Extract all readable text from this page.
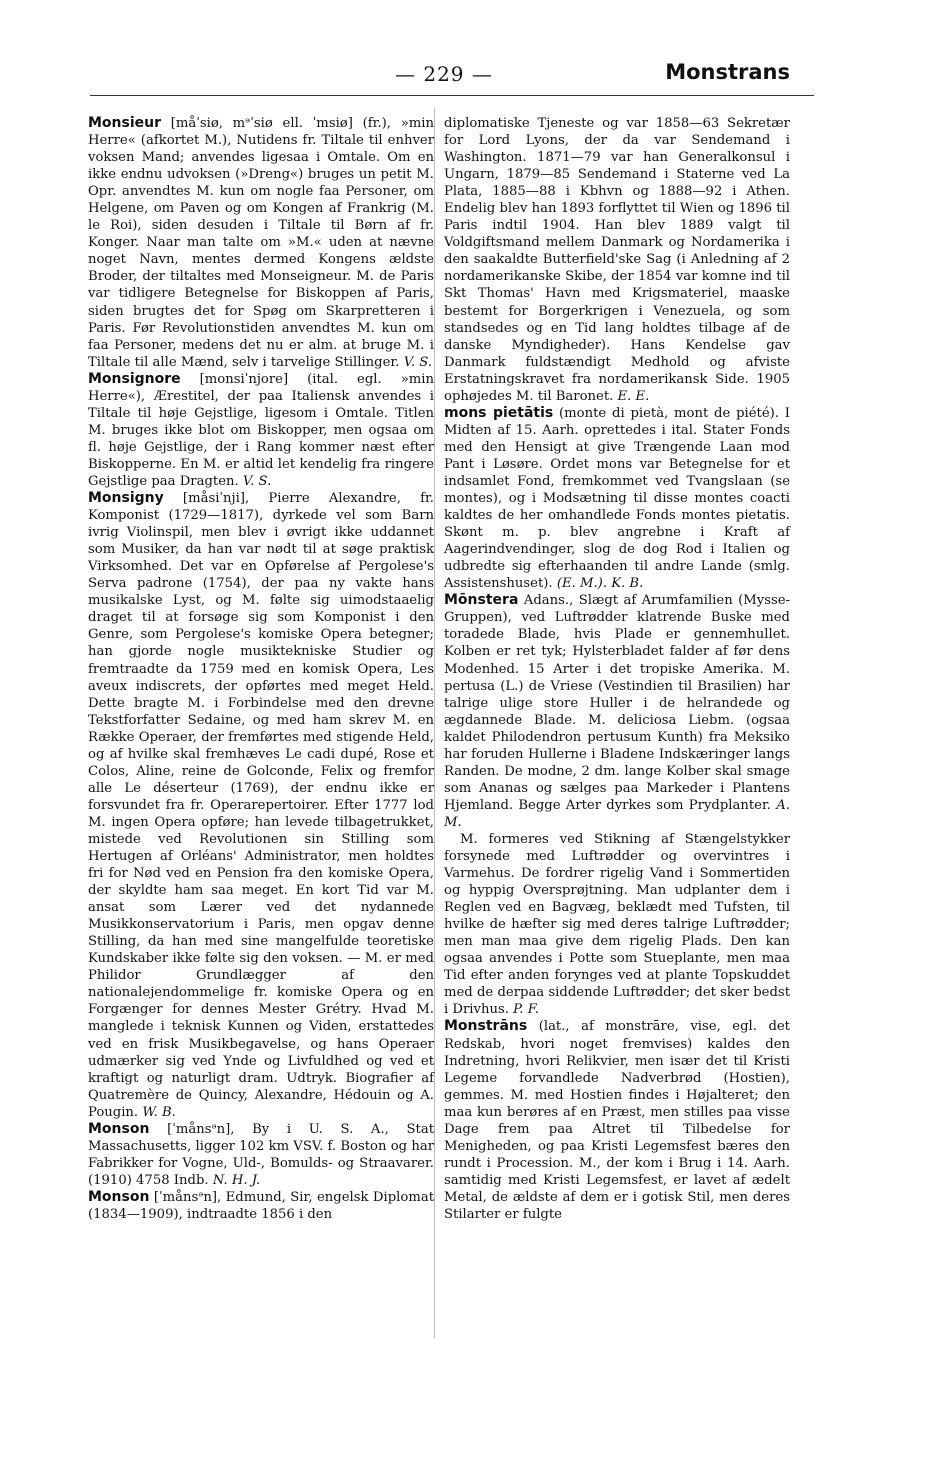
— 229 —	Monstrans

Monsieur [måˈsiø, mᵊˈsiø ell. ˈmsiø] (fr.), »min Herre« (afkortet M.), Nutidens fr. Tiltale til enhver voksen Mand; anvendes ligesaa i Omtale. Om en ikke endnu udvoksen (»Dreng«) bruges un petit M. Opr. anvendtes M. kun om nogle faa Personer, om Helgene, om Paven og om Kongen af Frankrig (M. le Roi), siden desuden i Tiltale til Børn af fr. Konger. Naar man talte om »M.« uden at nævne noget Navn, mentes dermed Kongens ældste Broder, der tiltaltes med Monseigneur. M. de Paris var tidligere Betegnelse for Biskoppen af Paris, siden brugtes det for Spøg om Skarpretteren i Paris. Før Revolutionstiden anvendtes M. kun om faa Personer, medens det nu er alm. at bruge M. i Tiltale til alle Mænd, selv i tarvelige Stillinger. V. S.

Monsignore [monsiˈnjore] (ital. egl. »min Herre«), Ærestitel, der paa Italiensk anvendes i Tiltale til høje Gejstlige, ligesom i Omtale. Titlen M. bruges ikke blot om Biskopper, men ogsaa om fl. høje Gejstlige, der i Rang kommer næst efter Biskopperne. En M. er altid let kendelig fra ringere Gejstlige paa Dragten. V. S.

Monsigny [måsiˈnji], Pierre Alexandre, fr. Komponist (1729—1817), dyrkede vel som Barn ivrig Violinspil, men blev i øvrigt ikke uddannet som Musiker, da han var nødt til at søge praktisk Virksomhed. Det var en Opførelse af Pergolese's Serva padrone (1754), der paa ny vakte hans musikalske Lyst, og M. følte sig uimodstaaelig draget til at forsøge sig som Komponist i den Genre, som Pergolese's komiske Opera betegner; han gjorde nogle musiktekniske Studier og fremtraadte da 1759 med en komisk Opera, Les aveux indiscrets, der opførtes med meget Held. Dette bragte M. i Forbindelse med den drevne Tekstforfatter Sedaine, og med ham skrev M. en Række Operaer, der fremførtes med stigende Held, og af hvilke skal fremhæves Le cadi dupé, Rose et Colos, Aline, reine de Golconde, Felix og fremfor alle Le déserteur (1769), der endnu ikke er forsvundet fra fr. Operarepertoirer. Efter 1777 lod M. ingen Opera opføre; han levede tilbagetrukket, mistede ved Revolutionen sin Stilling som Hertugen af Orléans' Administrator, men holdtes fri for Nød ved en Pension fra den komiske Opera, der skyldte ham saa meget. En kort Tid var M. ansat som Lærer ved det nydannede Musikkonservatorium i Paris, men opgav denne Stilling, da han med sine mangelfulde teoretiske Kundskaber ikke følte sig den voksen. — M. er med Philidor Grundlægger af den nationalejendommelige fr. komiske Opera og en Forgænger for dennes Mester Grétry. Hvad M. manglede i teknisk Kunnen og Viden, erstattedes ved en frisk Musikbegavelse, og hans Operaer udmærker sig ved Ynde og Livfuldhed og ved et kraftigt og naturligt dram. Udtryk. Biografier af Quatremère de Quincy, Alexandre, Hédouin og A. Pougin. W. B.

Monson [ˈmånsᵊn], By i U. S. A., Stat Massachusetts, ligger 102 km VSV. f. Boston og har Fabrikker for Vogne, Uld-, Bomulds- og Straavarer. (1910) 4758 Indb. N. H. J.

Monson [ˈmånsᵊn], Edmund, Sir, engelsk Diplomat (1834—1909), indtraadte 1856 i den

diplomatiske Tjeneste og var 1858—63 Sekretær for Lord Lyons, der da var Sendemand i Washington. 1871—79 var han Generalkonsul i Ungarn, 1879—85 Sendemand i Staterne ved La Plata, 1885—88 i Kbhvn og 1888—92 i Athen. Endelig blev han 1893 forflyttet til Wien og 1896 til Paris indtil 1904. Han blev 1889 valgt til Voldgiftsmand mellem Danmark og Nordamerika i den saakaldte Butterfield'ske Sag (i Anledning af 2 nordamerikanske Skibe, der 1854 var komne ind til Skt Thomas' Havn med Krigsmateriel, maaske bestemt for Borgerkrigen i Venezuela, og som standsedes og en Tid lang holdtes tilbage af de danske Myndigheder). Hans Kendelse gav Danmark fuldstændigt Medhold og afviste Erstatningskravet fra nordamerikansk Side. 1905 ophøjedes M. til Baronet. E. E.

mons pietātis (monte di pietà, mont de piété). I Midten af 15. Aarh. oprettedes i ital. Stater Fonds med den Hensigt at give Trængende Laan mod Pant i Løsøre. Ordet mons var Betegnelse for et indsamlet Fond, fremkommet ved Tvangslaan (se montes), og i Modsætning til disse montes coacti kaldtes de her omhandlede Fonds montes pietatis. Skønt m. p. blev angrebne i Kraft af Aagerindvendinger, slog de dog Rod i Italien og udbredte sig efterhaanden til andre Lande (smlg. Assistenshuset). (E. M.). K. B.

Mōnstera Adans., Slægt af Arumfamilien (Mysse-Gruppen), ved Luftrødder klatrende Buske med toradede Blade, hvis Plade er gennemhullet. Kolben er ret tyk; Hylsterbladet falder af før dens Modenhed. 15 Arter i det tropiske Amerika. M. pertusa (L.) de Vriese (Vestindien til Brasilien) har talrige ulige store Huller i de helrandede og ægdannede Blade. M. deliciosa Liebm. (ogsaa kaldet Philodendron pertusum Kunth) fra Meksiko har foruden Hullerne i Bladene Indskæringer langs Randen. De modne, 2 dm. lange Kolber skal smage som Ananas og sælges paa Markeder i Plantens Hjemland. Begge Arter dyrkes som Prydplanter. A. M.

M. formeres ved Stikning af Stængelstykker forsynede med Luftrødder og overvintres i Varmehus. De fordrer rigelig Vand i Sommertiden og hyppig Oversprøjtning. Man udplanter dem i Reglen ved en Bagvæg, beklædt med Tufsten, til hvilke de hæfter sig med deres talrige Luftrødder; men man maa give dem rigelig Plads. Den kan ogsaa anvendes i Potte som Stueplante, men maa Tid efter anden forynges ved at plante Topskuddet med de derpaa siddende Luftrødder; det sker bedst i Drivhus. P. F.

Monstrāns (lat., af monstrāre, vise, egl. det Redskab, hvori noget fremvises) kaldes den Indretning, hvori Relikvier, men især det til Kristi Legeme forvandlede Nadverbrød (Hostien), gemmes. M. med Hostien findes i Højalteret; den maa kun berøres af en Præst, men stilles paa visse Dage frem paa Altret til Tilbedelse for Menigheden, og paa Kristi Legemsfest bæres den rundt i Procession. M., der kom i Brug i 14. Aarh. samtidig med Kristi Legemsfest, er lavet af ædelt Metal, de ældste af dem er i gotisk Stil, men deres Stilarter er fulgte
